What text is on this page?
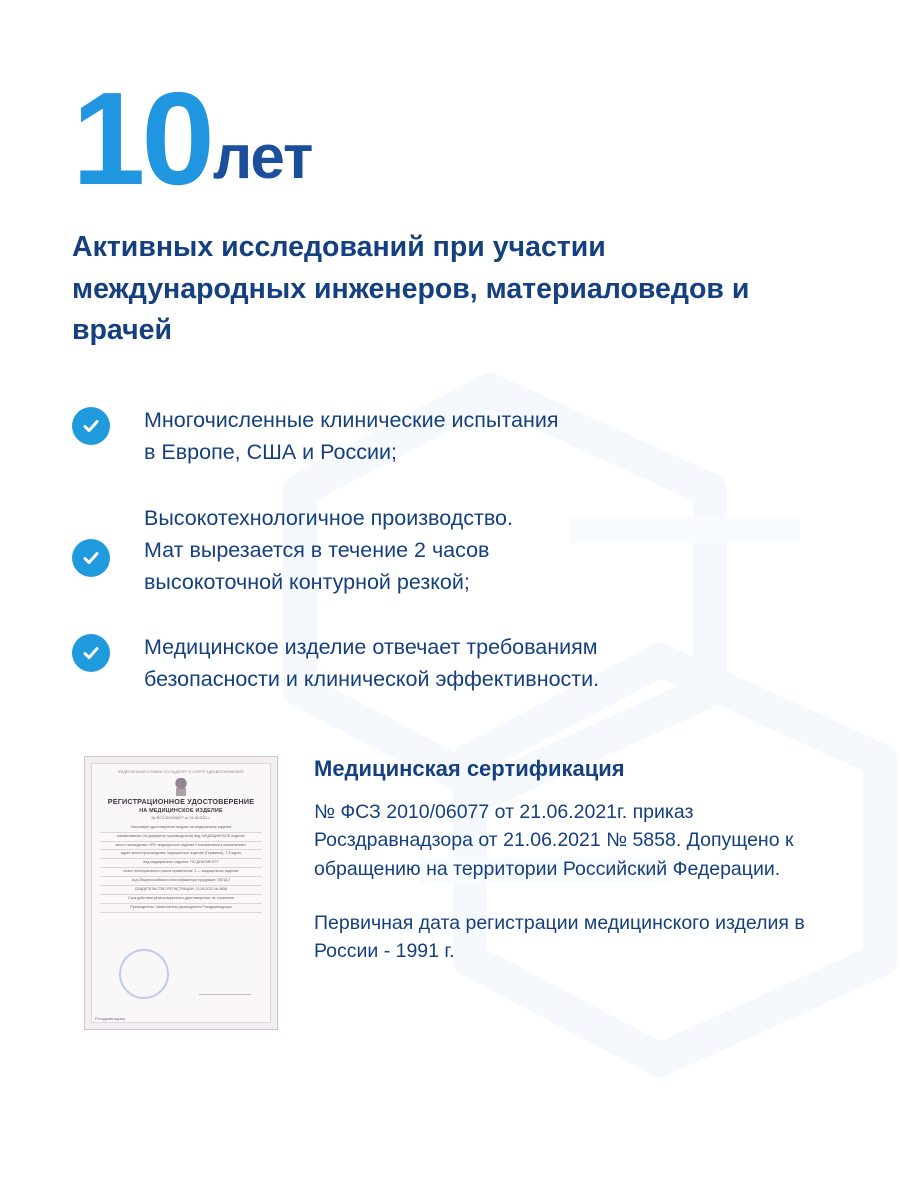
10 лет
Активных исследований при участии международных инженеров, материаловедов и врачей
Многочисленные клинические испытания
в Европе, США и России;
Высокотехнологичное производство.
Мат вырезается в течение 2 часов
высокоточной контурной резкой;
Медицинское изделие отвечает требованиям
безопасности и клинической эффективности.
ФЕДЕРАЛЬНАЯ СЛУЖБА ПО НАДЗОРУ В СФЕРЕ ЗДРАВООХРАНЕНИЯ
РЕГИСТРАЦИОННОЕ УДОСТОВЕРЕНИЕ
НА МЕДИЦИНСКОЕ ИЗДЕЛИЕ
№ ФСЗ 2010/06077 от 21.06.2021 г.
Настоящее удостоверение выдано на медицинское изделие
наименование (по документу производителя) вид: МЕДИЦИНСКОЕ изделие
место нахождения: «РФ, медицинское изделие с показаниями к применению»
адрес места производства: медицинское изделие (Германия), 7 й адрес
вид медицинского изделия: ПО ДОКУМЕНТУ
класс потенциального риска применения: 1 — медицинское изделие
код Общероссийского классификатора продукции: ОКПД 2
СВИДЕТЕЛЬСТВО РЕГИСТРАЦИИ: 21.06.2021 № 5858
Срок действия регистрационного удостоверения: не ограничен
Руководитель / заместитель руководителя Росздравнадзора
Росздравнадзор
Медицинская сертификация
№ ФСЗ 2010/06077 от 21.06.2021г. приказ Росздравнадзора от 21.06.2021 № 5858. Допущено к обращению на территории Российский Федерации.
Первичная дата регистрации медицинского изделия в России - 1991 г.
